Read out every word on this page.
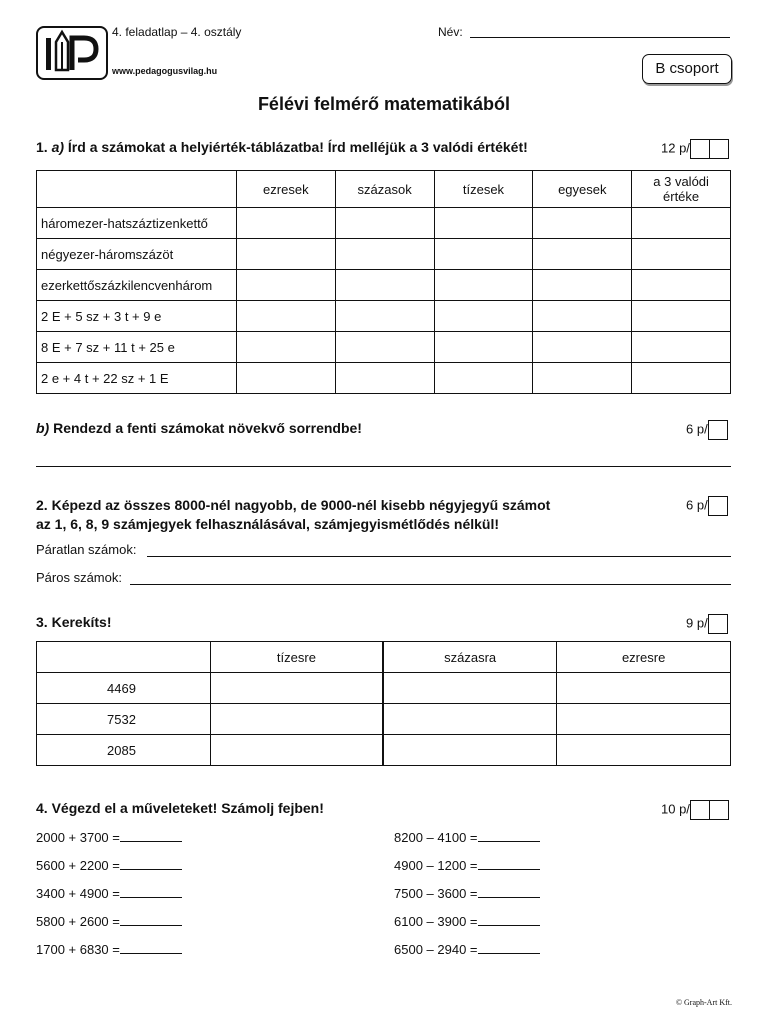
4. feladatlap – 4. osztály
www.pedagogusvilag.hu
Név:
B csoport
Félévi felmérő matematikából
1. a) Írd a számokat a helyiérték-táblázatba! Írd melléjük a 3 valódi értékét!	12 p/
	ezresek	százasok	tízesek	egyesek	a 3 valódi értéke
háromezer-hatszáztizenkettő					
négyezer-háromszázöt					
ezerkettőszázkilencvenhárom					
2 E + 5 sz + 3 t + 9 e					
8 E + 7 sz + 11 t + 25 e					
2 e + 4 t + 22 sz + 1 E					
b) Rendezd a fenti számokat növekvő sorrendbe!	6 p/
2. Képezd az összes 8000-nél nagyobb, de 9000-nél kisebb négyjegyű számot
az 1, 6, 8, 9 számjegyek felhasználásával, számjegyismétlődés nélkül!
6 p/
Páratlan számok:
Páros számok:
3. Kerekíts!	9 p/
	tízesre	százasra	ezresre
4469			
7532			
2085			
4. Végezd el a műveleteket! Számolj fejben!	10 p/
2000 + 3700 =
5600 + 2200 =
3400 + 4900 =
5800 + 2600 =
1700 + 6830 =
8200 – 4100 =
4900 – 1200 =
7500 – 3600 =
6100 – 3900 =
6500 – 2940 =
© Graph-Art Kft.
